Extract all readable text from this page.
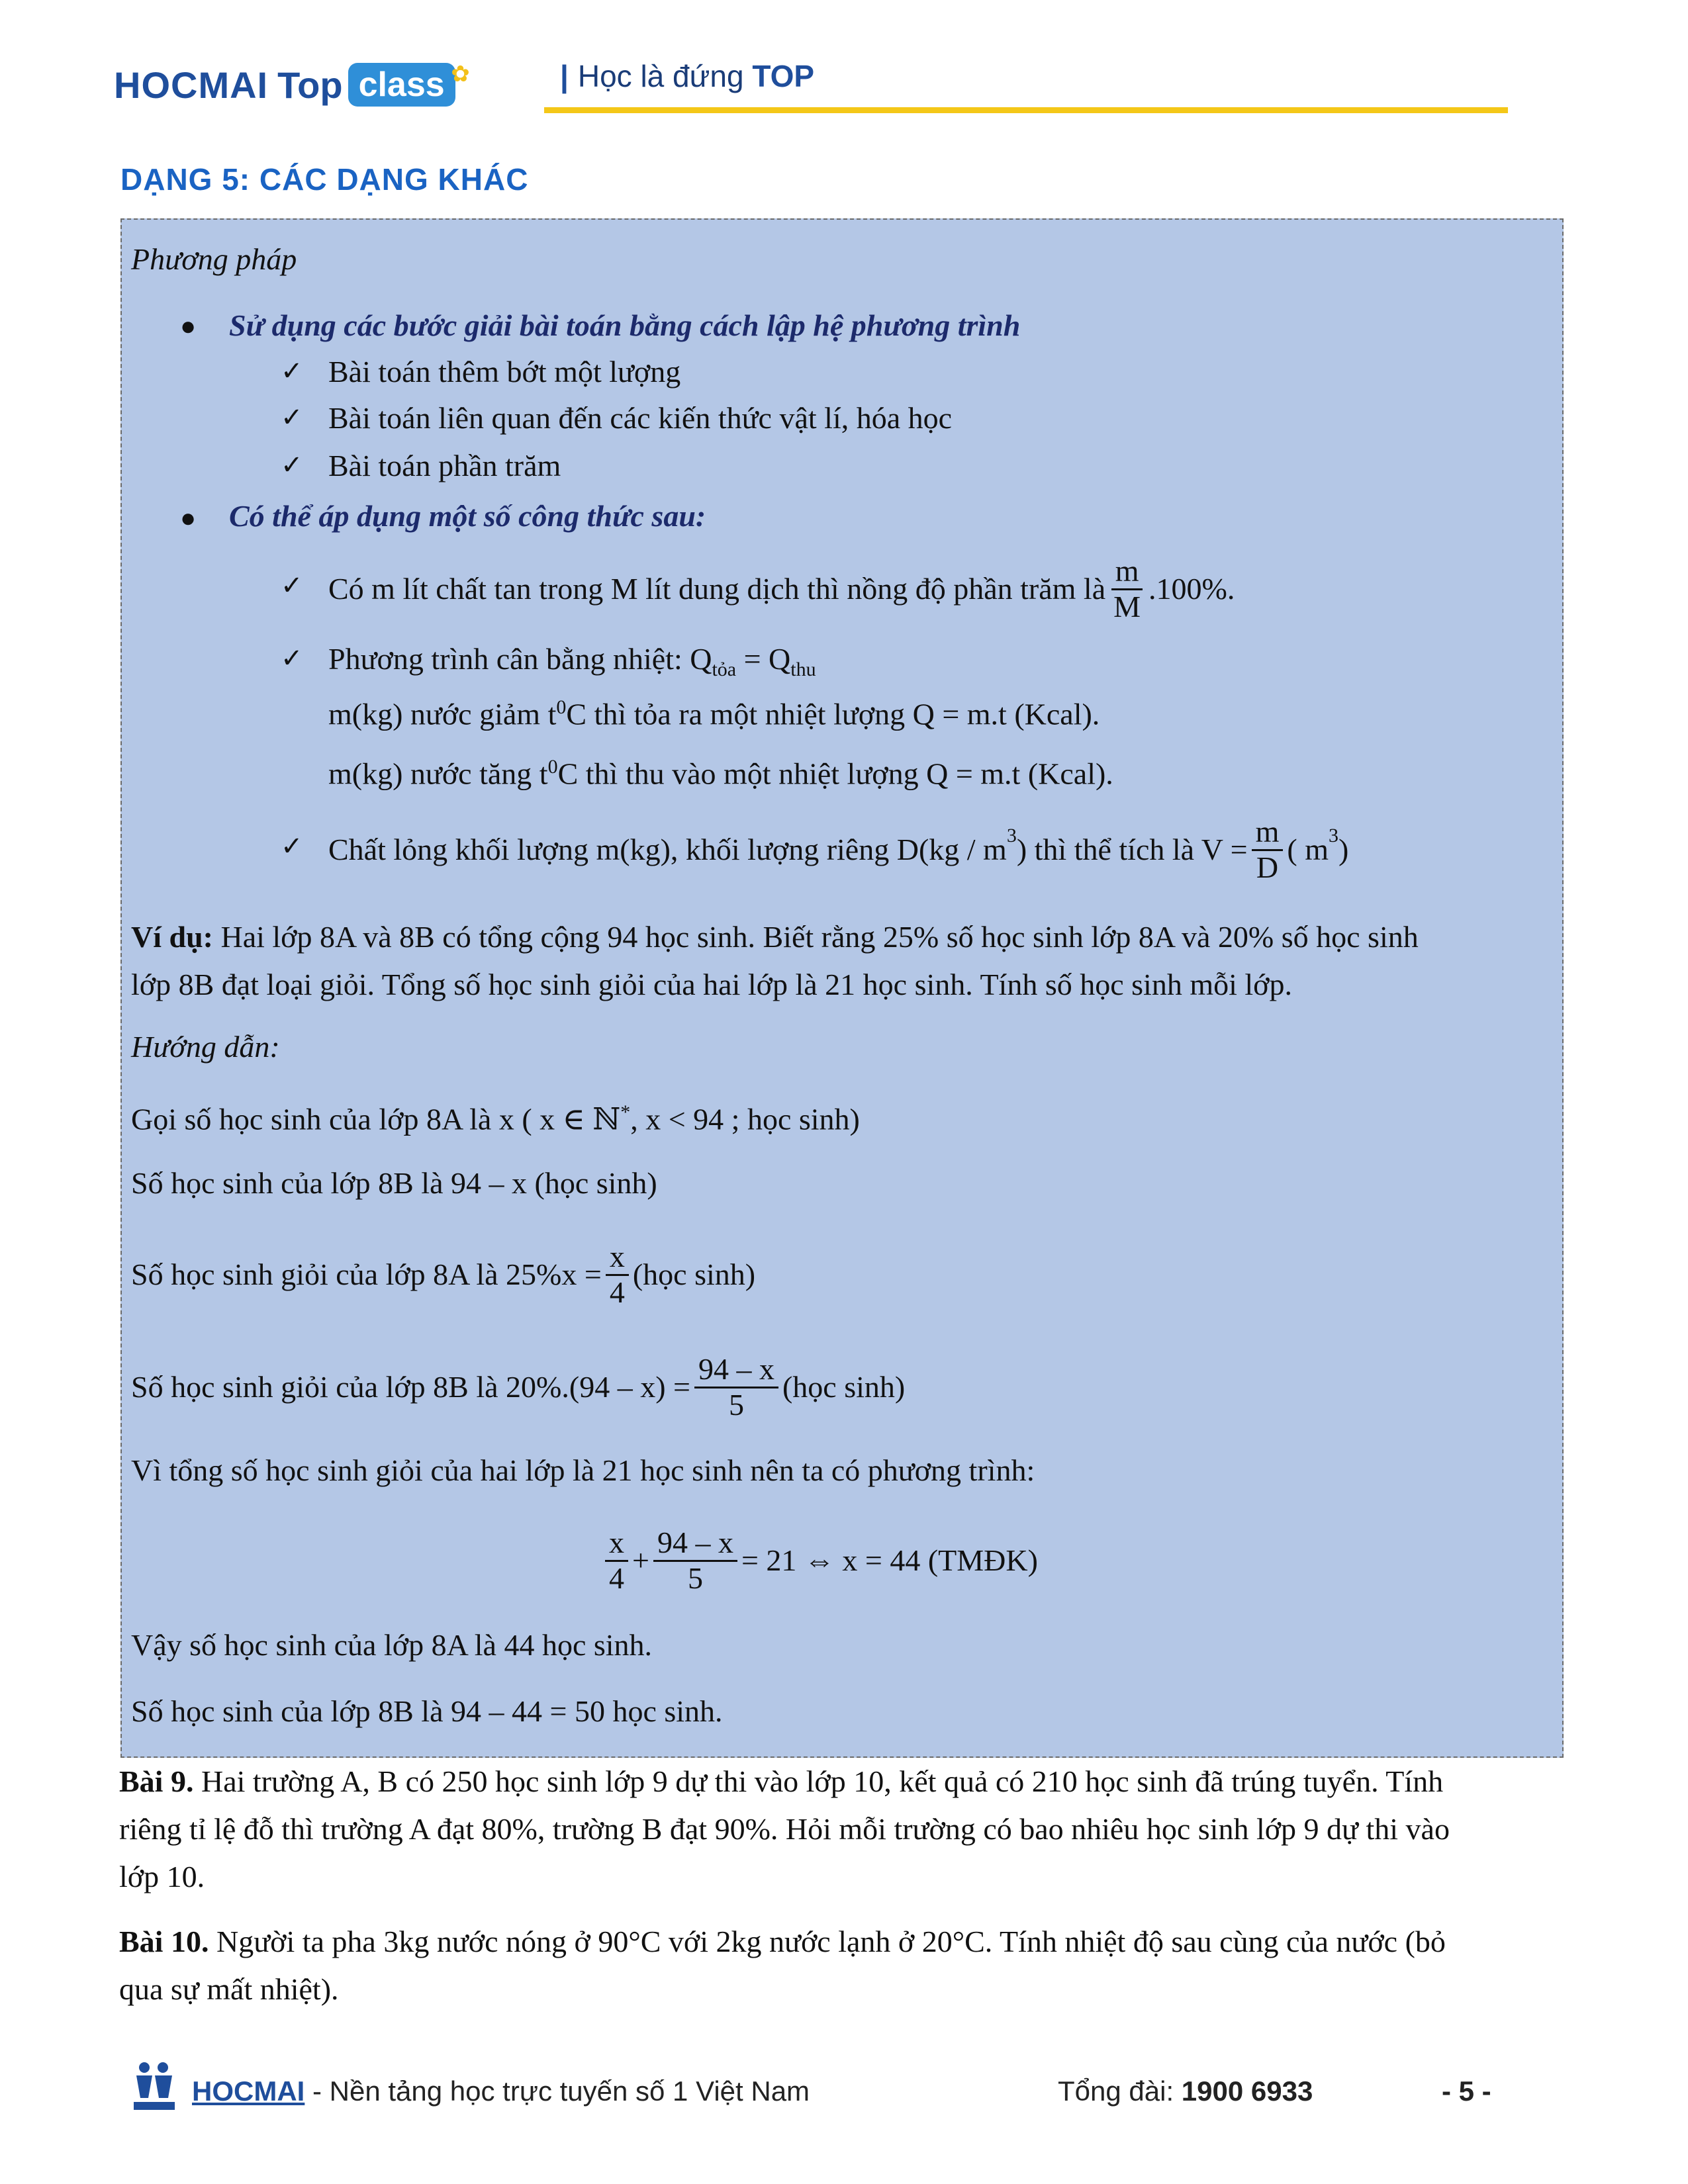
HOCMAI Top class ✿	| Học là đứng TOP
DẠNG 5: CÁC DẠNG KHÁC
Phương pháp
● Sử dụng các bước giải bài toán bằng cách lập hệ phương trình
✓ Bài toán thêm bớt một lượng
✓ Bài toán liên quan đến các kiến thức vật lí, hóa học
✓ Bài toán phần trăm
● Có thể áp dụng một số công thức sau:
✓ Có m lít chất tan trong M lít dung dịch thì nồng độ phần trăm là $\frac{m}{M} .100\%$.
✓ Phương trình cân bằng nhiệt: $Q_{tỏa} = Q_{thu}$
m(kg) nước giảm $t^0C$ thì tỏa ra một nhiệt lượng Q = m.t (Kcal).
m(kg) nước tăng $t^0C$ thì thu vào một nhiệt lượng Q = m.t (Kcal).
✓ Chất lỏng khối lượng m(kg), khối lượng riêng $D(kg / m^3$ ) thì thể tích là $V = \frac{m}{D}$ ( $m^3$ )
Ví dụ: Hai lớp 8A và 8B có tổng cộng 94 học sinh. Biết rằng 25% số học sinh lớp 8A và 20% số học sinh
lớp 8B đạt loại giỏi. Tổng số học sinh giỏi của hai lớp là 21 học sinh. Tính số học sinh mỗi lớp.
Hướng dẫn:
Gọi số học sinh của lớp 8A là x ( x ∈ ℕ*, x < 94 ; học sinh)
Số học sinh của lớp 8B là 94 – x (học sinh)
Số học sinh giỏi của lớp 8A là $25\%x = \frac{x}{4}$ (học sinh)
Số học sinh giỏi của lớp 8B là $20\%.(94 - x) = \frac{94 - x}{5}$ (học sinh)
Vì tổng số học sinh giỏi của hai lớp là 21 học sinh nên ta có phương trình:
$\frac{x}{4} + \frac{94 - x}{5} = 21$ ⇔ x = 44 (TMĐK)
Vậy số học sinh của lớp 8A là 44 học sinh.
Số học sinh của lớp 8B là 94 – 44 = 50 học sinh.
Bài 9. Hai trường A, B có 250 học sinh lớp 9 dự thi vào lớp 10, kết quả có 210 học sinh đã trúng tuyển. Tính
riêng tỉ lệ đỗ thì trường A đạt 80%, trường B đạt 90%. Hỏi mỗi trường có bao nhiêu học sinh lớp 9 dự thi vào
lớp 10.
Bài 10. Người ta pha 3kg nước nóng ở 90°C với 2kg nước lạnh ở 20°C. Tính nhiệt độ sau cùng của nước (bỏ
qua sự mất nhiệt).
HOCMAI - Nền tảng học trực tuyến số 1 Việt Nam	Tổng đài: 1900 6933	- 5 -
